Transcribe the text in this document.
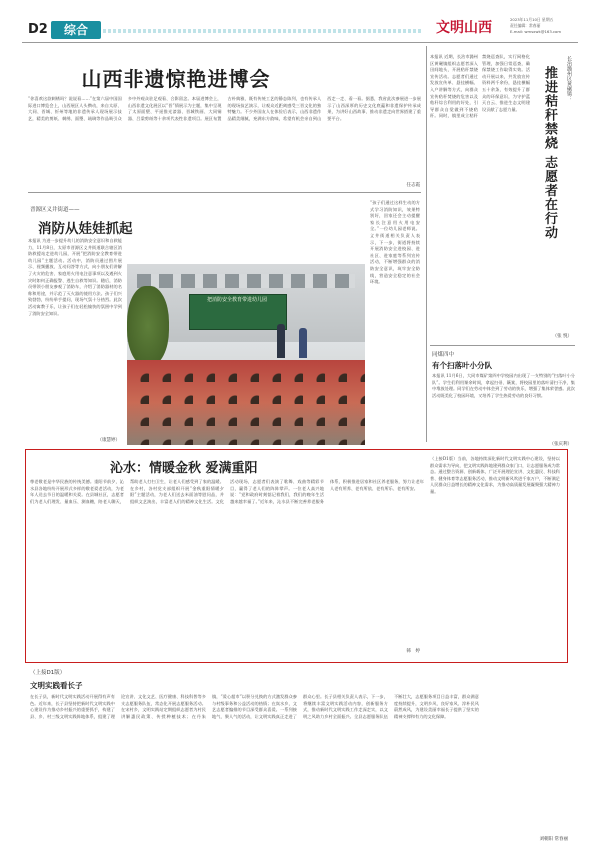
D2	综合	文明山西
2023年11月10日 星期五
责任编辑：常春丽
E-mail: wmsxwk@163.com
山西非遗惊艳进博会
“你喜欢这款刺绣吗？说说看……”在第六届中国国际进口博览会上，山西展区人头攒动，来自太原、大同、晋城、忻州等地的非遗传承人现场展示技艺，精美的剪纸、刺绣、面塑、琉璃等作品吸引众多中外观众驻足观看、合影留念。本届进博会上，山西非遗文化展区以“晋”情展示为主题，集中呈现了太原面塑、平遥推光漆器、晋城铁画、大同铜器、吕梁剪纸等十余项代表性非遗项目。展区布置古朴典雅，既有传统工艺的静态陈列，也有传承人的现场技艺演示，让观众近距离感受三晋文化的独特魅力。不少外国友人在体验后表示，山西非遗作品精美细腻，充满东方韵味，希望有机会亲自到山西走一走、看一看。据悉，我省此次参展进一步展示了山西深厚的历史文化底蕴和非遗保护传承成果，为讲好山西故事、推动非遗走向世界搭建了重要平台。
任志霞
晋源区义井街道——
消防从娃娃抓起
本报讯 为进一步提升幼儿的消防安全意识和自救能力，11月8日，太原市晋源区义井街道联合辖区消防救援站走进幼儿园，开展“把消防安全教育带进幼儿园”主题活动。活动中，消防员通过图片展示、视频播放、互动问答等方式，向小朋友们讲解了火灾的危害、家庭用火用电注意事项以及遇到火灾时如何正确报警、逃生自救等知识。随后，消防员带领小朋友参观了消防车，介绍了消防器材的名称和用途，并示范了灭火器的使用方法。孩子们兴致勃勃，纷纷举手提问，现场气氛十分热烈。此次活动寓教于乐，让孩子们在轻松愉快的氛围中学到了消防安全知识。
把消防安全教育带进幼儿园
“孩子们通过这样生动的方式学习消防知识，效果特别好，回家还会主动提醒家长注意用火用电安全。”一位幼儿园老师说。义井街道相关负责人表示，下一步，街道将持续开展消防安全进校园、进社区、进家庭等系列宣传活动，不断增强群众的消防安全意识，筑牢安全防线，营造安全稳定的社会环境。
（康慧婷）
本报讯 近期，长治市潞州区黄碾镇组织志愿者深入田间地头，开展秸秆禁烧宣传活动。志愿者们通过发放宣传单、悬挂横幅、入户讲解等方式，向群众宣传秸秆焚烧的危害以及秸秆综合利用的好处，引导群众自觉做到不烧秸秆。同时，镇里成立秸秆禁烧巡查队，实行网格化管理，加强日常巡查，确保禁烧工作取得实效。活动开展以来，共发放宣传资料两千余份，悬挂横幅五十余条，有效提升了群众的环保意识，为守护蓝天白云、推进生态文明建设贡献了志愿力量。
长治潞州区黄碾镇：
推进秸秆禁烧 志愿者在行动
（张 悦）
同煤四中
有个扫落叶小分队
本报讯 11月6日，大同市煤矿第四中学校园内出现了一支特别的“扫落叶小分队”。学生们利用课余时间，拿起扫帚、簸箕，将校园里的落叶清扫干净，集中堆放处理。同学们在劳动中体会到了劳动的快乐，增强了集体荣誉感。此次活动既美化了校园环境，又培养了学生热爱劳动的良好习惯。
（张庆利）
沁水：情暖金秋 爱满重阳
尊老敬老是中华民族的传统美德。重阳节前夕，沁水县各地纷纷开展形式多样的敬老爱老活动，为老年人送去节日的温暖和关爱。在县城社区，志愿者们为老人们理发、量血压、测血糖，陪老人聊天，帮助老人打扫卫生，让老人们感受到了家的温暖。在乡村，各村党支部组织开展“金秋重阳情暖夕阳”主题活动，为老人们送去米面油等慰问品，并组织文艺演出，丰富老人们的精神文化生活。文化活动现场，志愿者们表演了歌舞、戏曲等精彩节目，赢得了老人们的阵阵掌声。一位老人高兴地说：“党和政府时刻惦记着我们，我们的晚年生活越来越幸福了。”近年来，沁水县不断完善养老服务体系，积极推进居家和社区养老服务，努力让老年人老有所养、老有所依、老有所乐、老有所安。
（上接D1版）当前，各地持续深化新时代文明实践中心建设，坚持以群众需求为导向，把文明实践阵地建到群众家门口，让志愿服务成为常态。通过整合资源、创新载体，广泛开展理论宣讲、文化惠民、科技科普、健身体育等志愿服务活动，推动文明新风吹进千家万户，不断满足人民群众日益增长的精神文化需求，为推动高质量发展凝聚强大精神力量。
韩　婷
（上接D1版）
文明实践看长子
在长子县，新时代文明实践活动开展得有声有色。近年来，长子县坚持把新时代文明实践中心建设作为推动乡村振兴的重要抓手，构建了县、乡、村三级文明实践阵地体系，组建了理论宣讲、文化文艺、医疗健康、科技科普等多支志愿服务队伍，常态化开展志愿服务活动。在宋村乡，文明实践站定期组织志愿者为村民讲解惠民政策、传授种植技术；在丹朱镇，“爱心超市”以积分兑换的方式激发群众参与村级事务和公益活动的热情；在岚水乡，文艺志愿者编排的节目深受群众喜爱。一系列接地气、聚人气的活动，让文明实践真正走进了群众心里。长子县相关负责人表示，下一步，将继续丰富文明实践活动内容，创新服务方式，推动新时代文明实践工作走深走实，以文明之风助力乡村全面振兴。全县志愿服务队伍不断壮大，志愿服务项目日益丰富，群众满意度持续提升，文明乡风、良好家风、淳朴民风蔚然成风，为建设美丽幸福长子提供了坚实的精神支撑和有力的文化保障。
刘朝阳 常春丽
